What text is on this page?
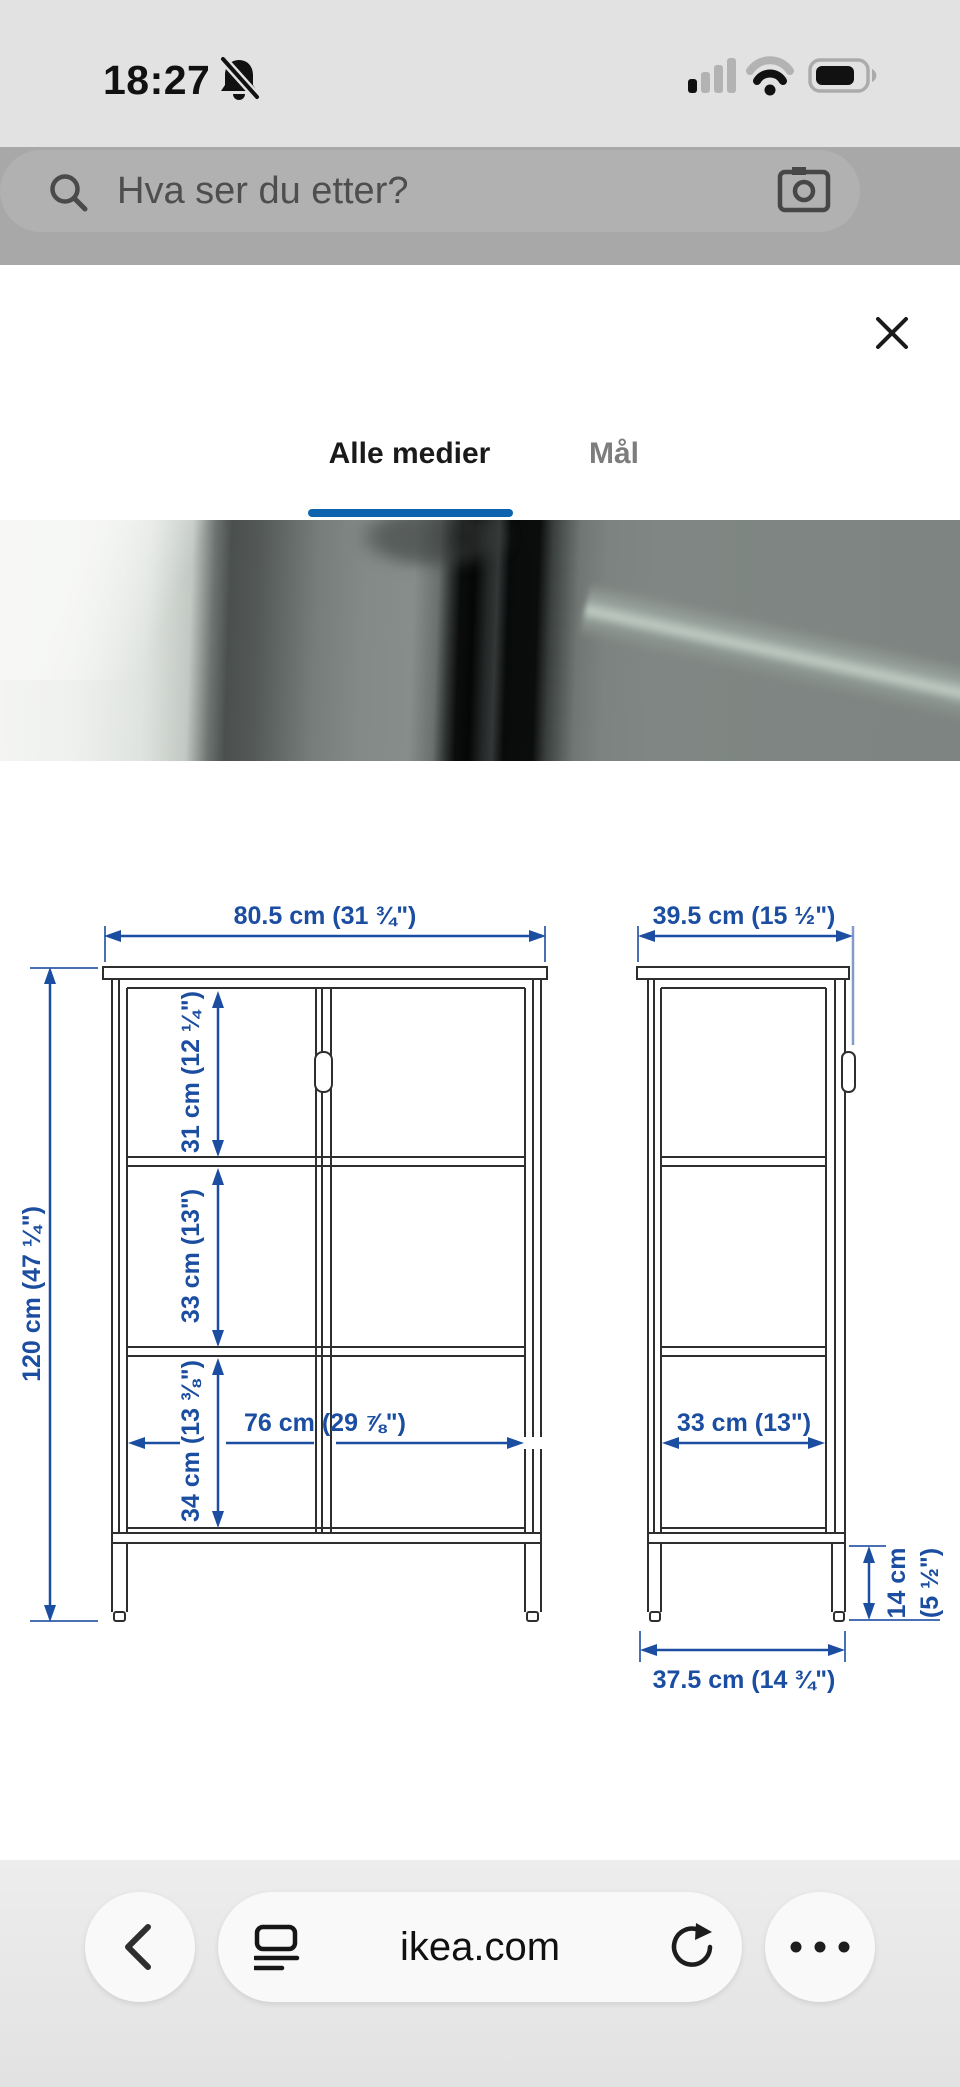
18:27
Hva ser du etter?
Alle medier	Mål
80.5 cm (31 ¾")	39.5 cm (15 ½")
120 cm (47 ¼")
31 cm (12 ¼")
33 cm (13")
34 cm (13 ⅜") 76 cm (29 ⅞")	33 cm (13")
14 cm (5 ½")
37.5 cm (14 ¾")
ikea.com
